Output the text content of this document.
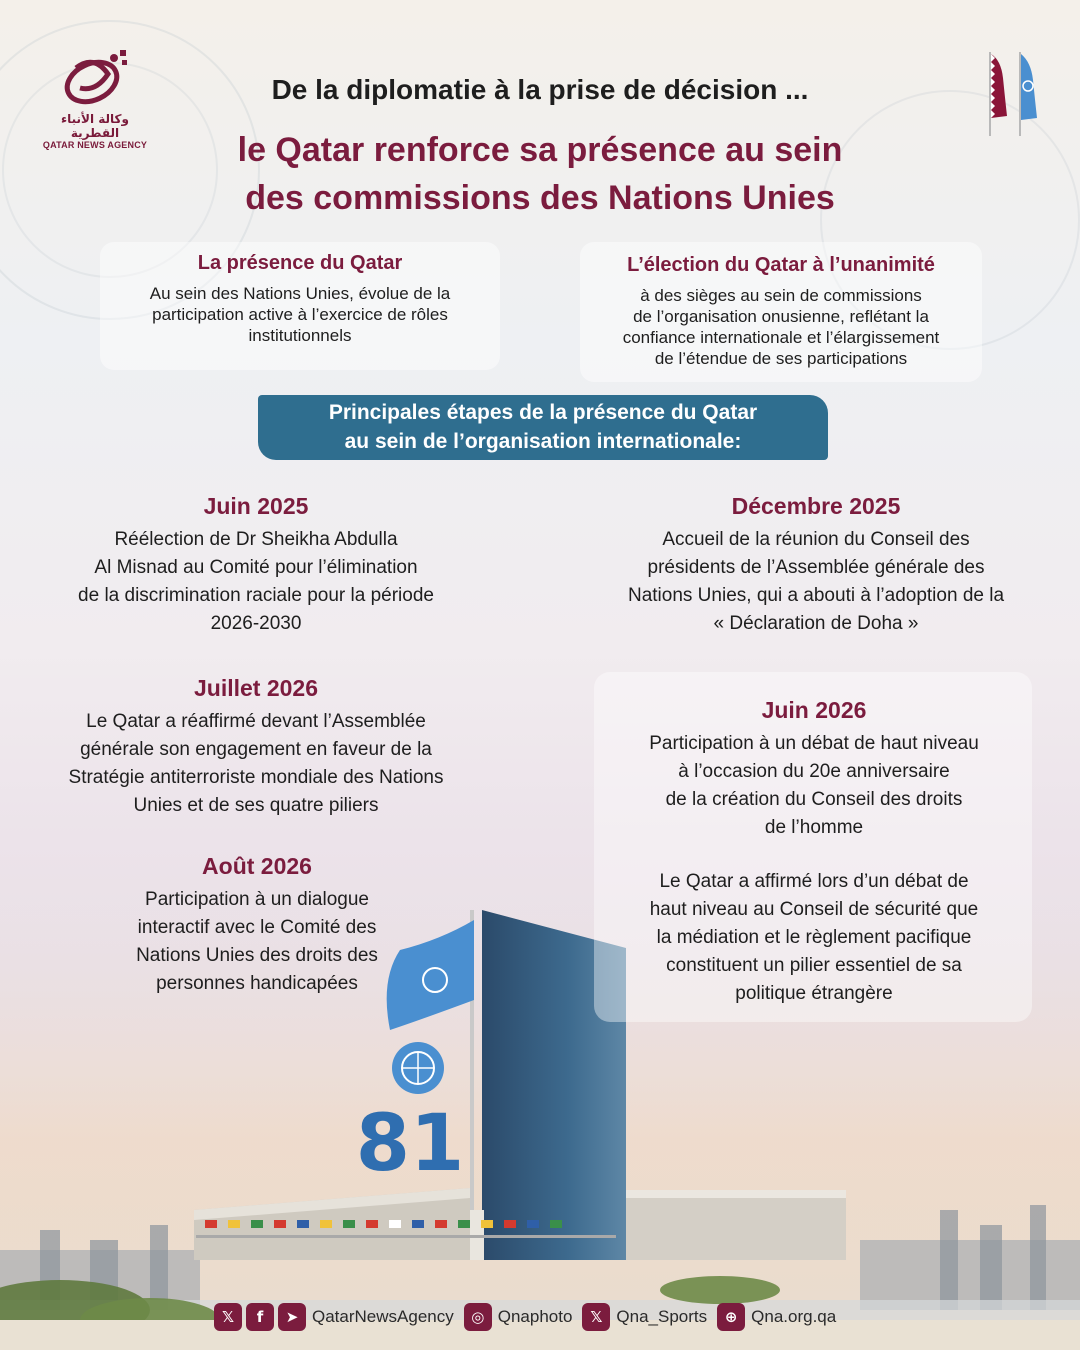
وكالة الأنباء القطرية
QATAR NEWS AGENCY
De la diplomatie à la prise de décision ...
le Qatar renforce sa présence au sein
des commissions des Nations Unies
La présence du Qatar
Au sein des Nations Unies, évolue de la
participation active à l’exercice de rôles
institutionnels
L’élection du Qatar à l’unanimité
à des sièges au sein de commissions
de l’organisation onusienne, reflétant la
confiance internationale et l’élargissement
de l’étendue de ses participations
Principales étapes de la présence du Qatar
au sein de l’organisation internationale:
81
Juin 2025
Réélection de Dr Sheikha Abdulla
Al Misnad au Comité pour l’élimination
de la discrimination raciale pour la période
2026-2030
Décembre 2025
Accueil de la réunion du Conseil des
présidents de l’Assemblée générale des
Nations Unies, qui a abouti à l’adoption de la
« Déclaration de Doha »
Juillet 2026
Le Qatar a réaffirmé devant l’Assemblée
générale son engagement en faveur de la
Stratégie antiterroriste mondiale des Nations
Unies et de ses quatre piliers
Août 2026
Participation à un dialogue
interactif avec le Comité des
Nations Unies des droits des
personnes handicapées
Juin 2026
Participation à un débat de haut niveau
à l’occasion du 20e anniversaire
de la création du Conseil des droits
de l’homme
Le Qatar a affirmé lors d’un débat de
haut niveau au Conseil de sécurité que
la médiation et le règlement pacifique
constituent un pilier essentiel de sa
politique étrangère
𝕏	f	➤ QatarNewsAgency	◎ Qnaphoto	𝕏 Qna_Sports	⊕ Qna.org.qa
